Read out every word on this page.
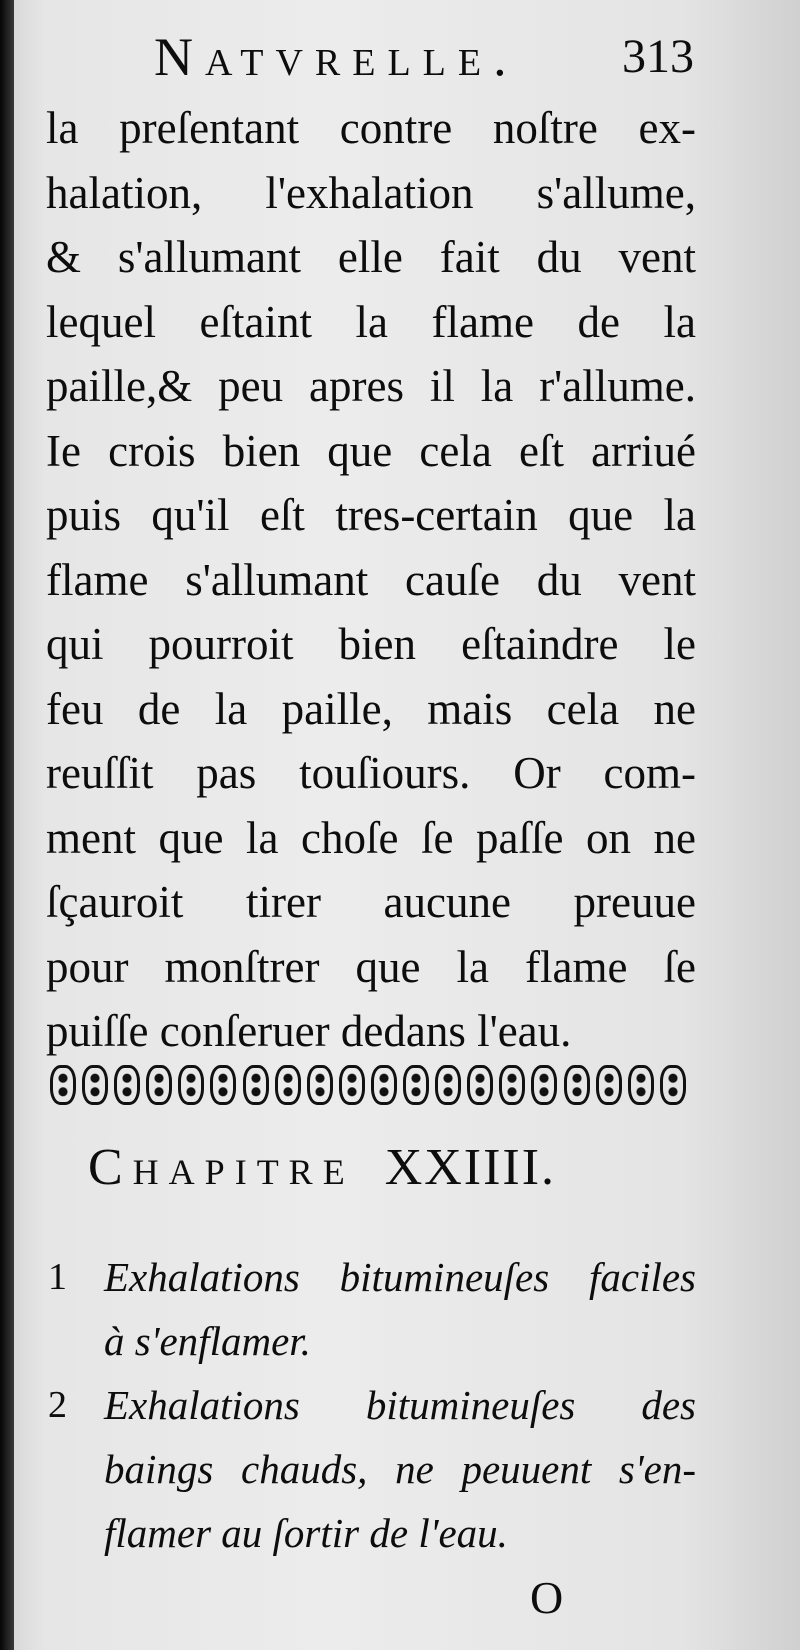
Natvrelle. 313
la preſentant contre noſtre ex-
halation, l'exhalation s'allume,
& s'allumant elle fait du vent
lequel eſtaint la flame de la
paille,& peu apres il la r'allume.
Ie crois bien que cela eſt arriué
puis qu'il eſt tres-certain que la
flame s'allumant cauſe du vent
qui pourroit bien eſtaindre le
feu de la paille, mais cela ne
reuſſit pas touſiours. Or com-
ment que la choſe ſe paſſe on ne
ſçauroit tirer aucune preuue
pour monſtrer que la flame ſe
puiſſe conſeruer dedans l'eau.
Chapitre XXIIII.
1 Exhalations bitumineuſes faciles
à s'enflamer.
2 Exhalations bitumineuſes des
baings chauds, ne peuuent s'en-
flamer au ſortir de l'eau.
O
